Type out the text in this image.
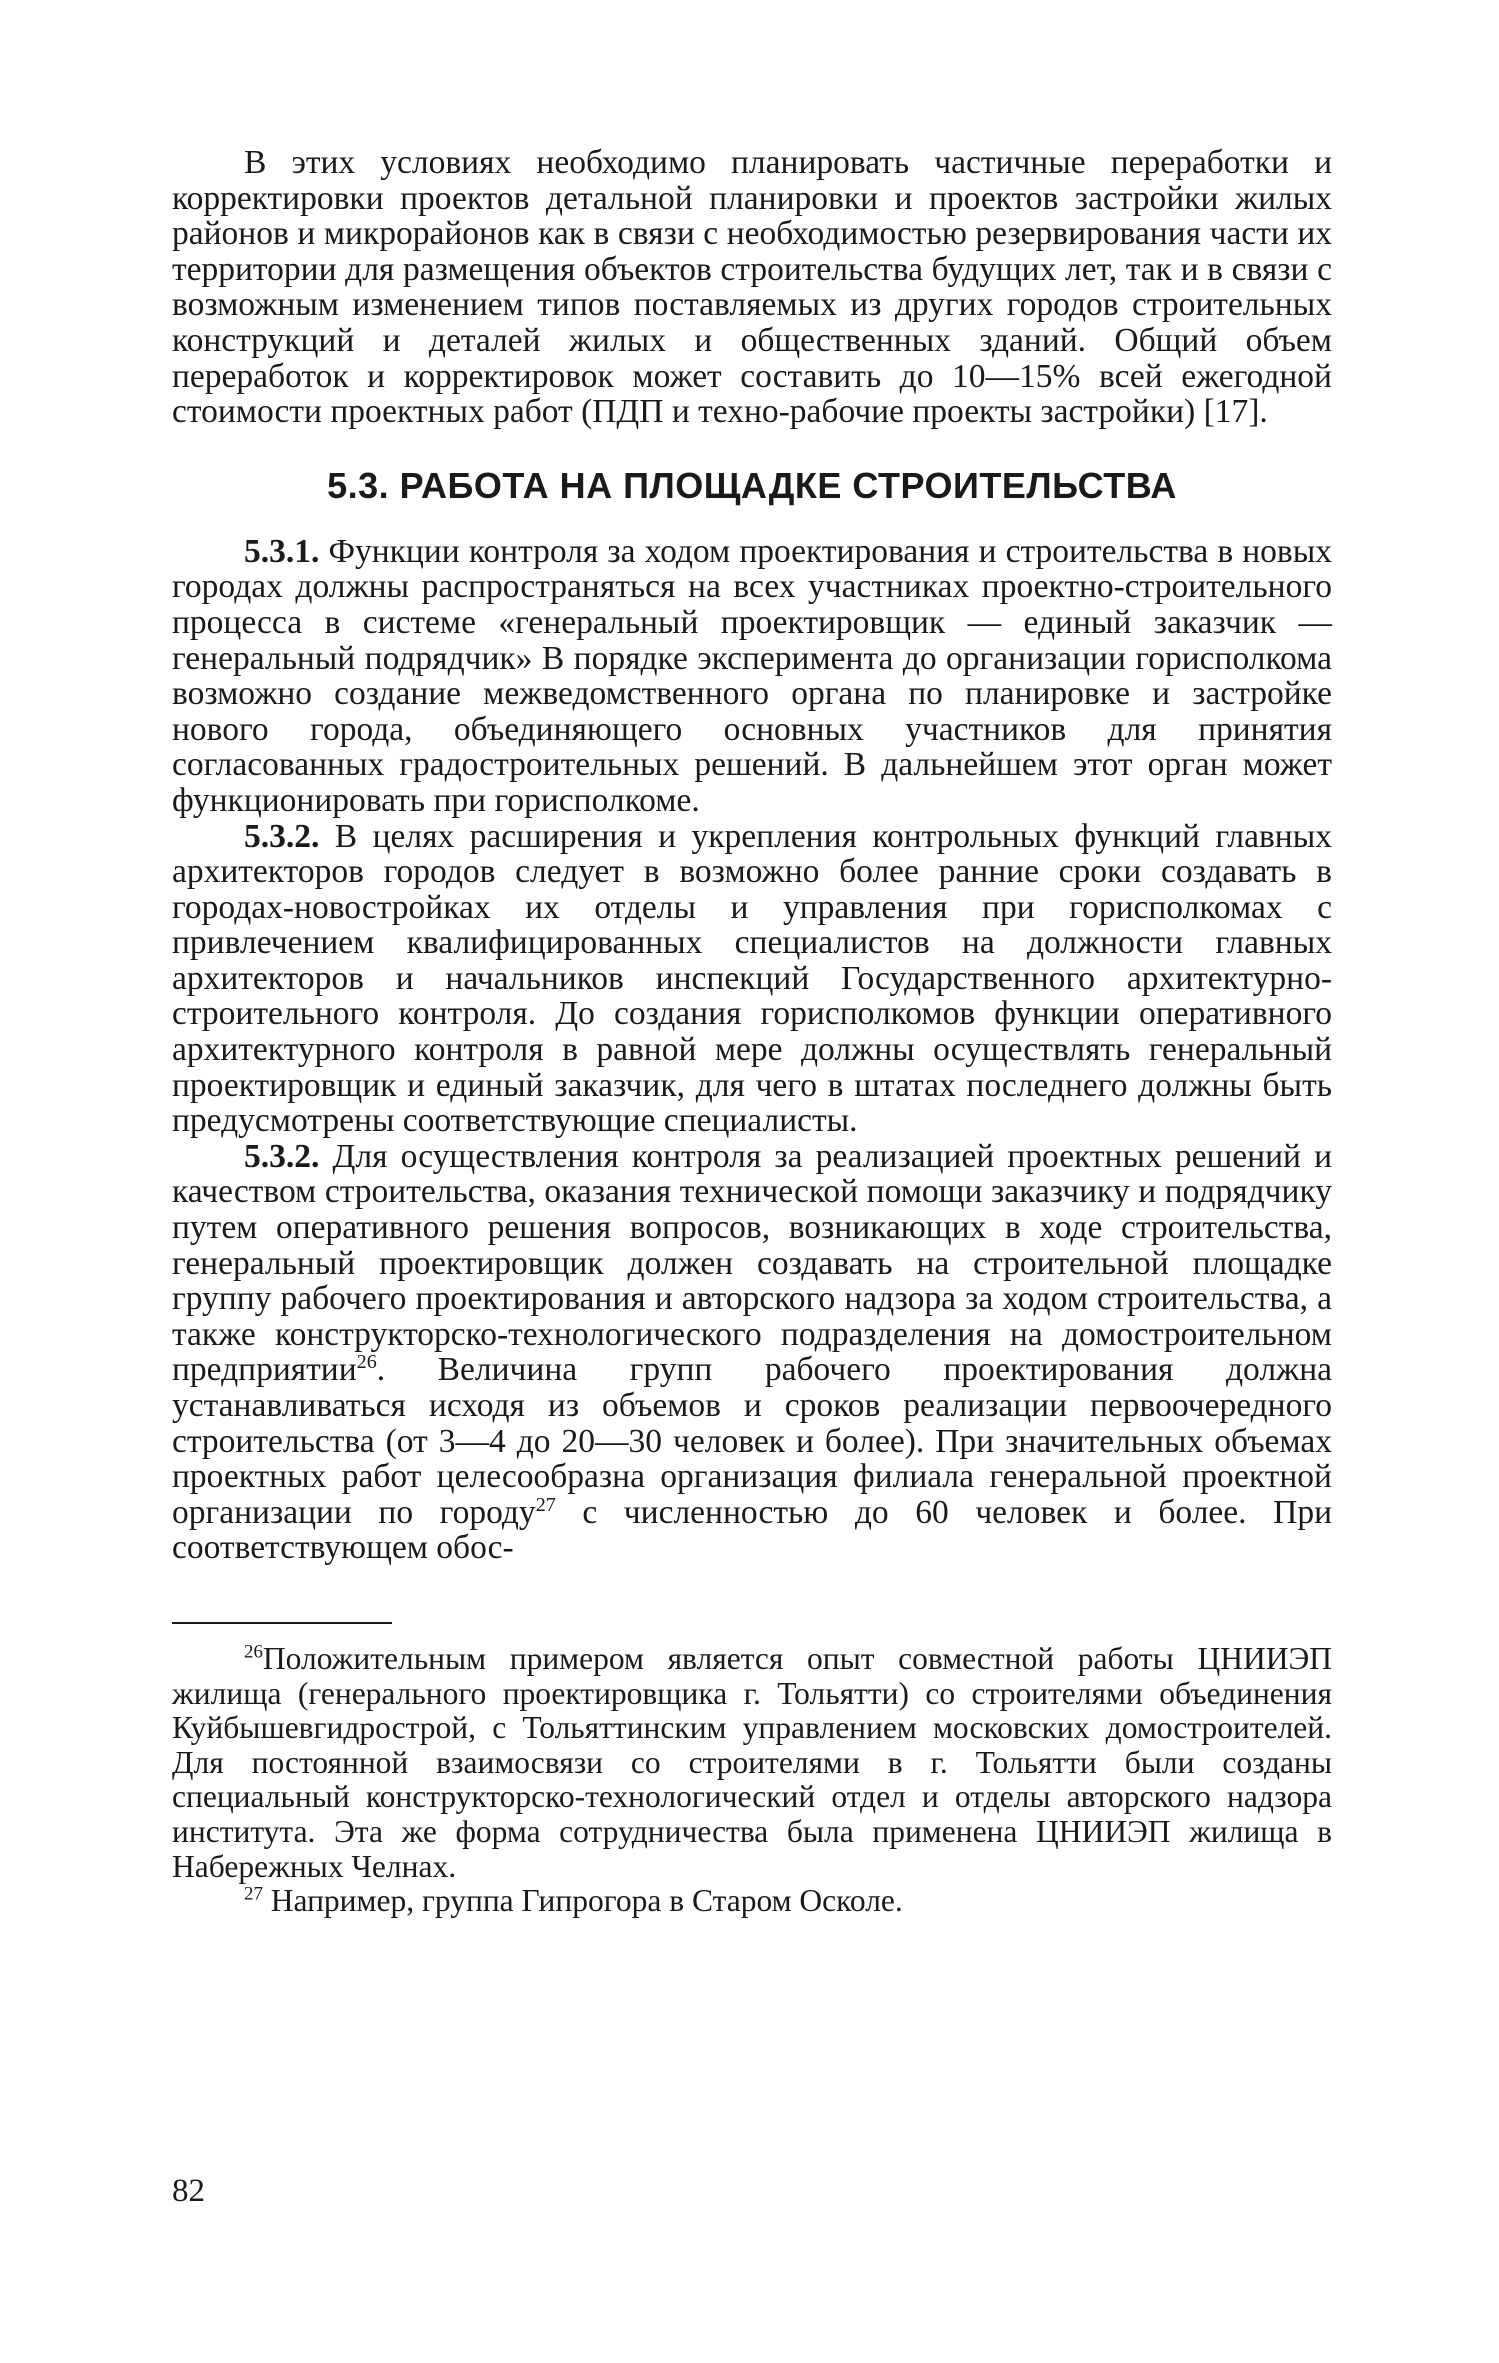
В этих условиях необходимо планировать частичные переработки и корректировки проектов детальной планировки и проектов застройки жилых районов и микрорайонов как в связи с необходимостью резервирования части их территории для размещения объектов строительства будущих лет, так и в связи с возможным изменением типов поставляемых из других городов строительных конструкций и деталей жилых и общественных зданий. Общий объем переработок и корректировок может составить до 10—15% всей ежегодной стоимости проектных работ (ПДП и техно-рабочие проекты застройки) [17].

5.3. РАБОТА НА ПЛОЩАДКЕ СТРОИТЕЛЬСТВА

5.3.1. Функции контроля за ходом проектирования и строительства в новых городах должны распространяться на всех участниках проектно-строительного процесса в системе «генеральный проектировщик — единый заказчик — генеральный подрядчик» В порядке эксперимента до организации горисполкома возможно создание межведомственного органа по планировке и застройке нового города, объединяющего основных участников для принятия согласованных градостроительных решений. В дальнейшем этот орган может функционировать при горисполкоме.

5.3.2. В целях расширения и укрепления контрольных функций главных архитекторов городов следует в возможно более ранние сроки создавать в городах-новостройках их отделы и управления при горисполкомах с привлечением квалифицированных специалистов на должности главных архитекторов и начальников инспекций Государственного архитектурно-строительного контроля. До создания горисполкомов функции оперативного архитектурного контроля в равной мере должны осуществлять генеральный проектировщик и единый заказчик, для чего в штатах последнего должны быть предусмотрены соответствующие специалисты.

5.3.2. Для осуществления контроля за реализацией проектных решений и качеством строительства, оказания технической помощи заказчику и подрядчику путем оперативного решения вопросов, возникающих в ходе строительства, генеральный проектировщик должен создавать на строительной площадке группу рабочего проектирования и авторского надзора за ходом строительства, а также конструкторско-технологического подразделения на домостроительном предприятии$^{26}$. Величина групп рабочего проектирования должна устанавливаться исходя из объемов и сроков реализации первоочередного строительства (от 3—4 до 20—30 человек и более). При значительных объемах проектных работ целесообразна организация филиала генеральной проектной организации по городу$^{27}$ с численностью до 60 человек и более. При соответствующем обос-

$^{26}$Положительным примером является опыт совместной работы ЦНИИЭП жилища (генерального проектировщика г. Тольятти) со строителями объединения Куйбышевгидрострой, с Тольяттинским управлением московских домостроителей. Для постоянной взаимосвязи со строителями в г. Тольятти были созданы специальный конструкторско-технологический отдел и отделы авторского надзора института. Эта же форма сотрудничества была применена ЦНИИЭП жилища в Набережных Челнах.

$^{27}$ Например, группа Гипрогора в Старом Осколе.

82
